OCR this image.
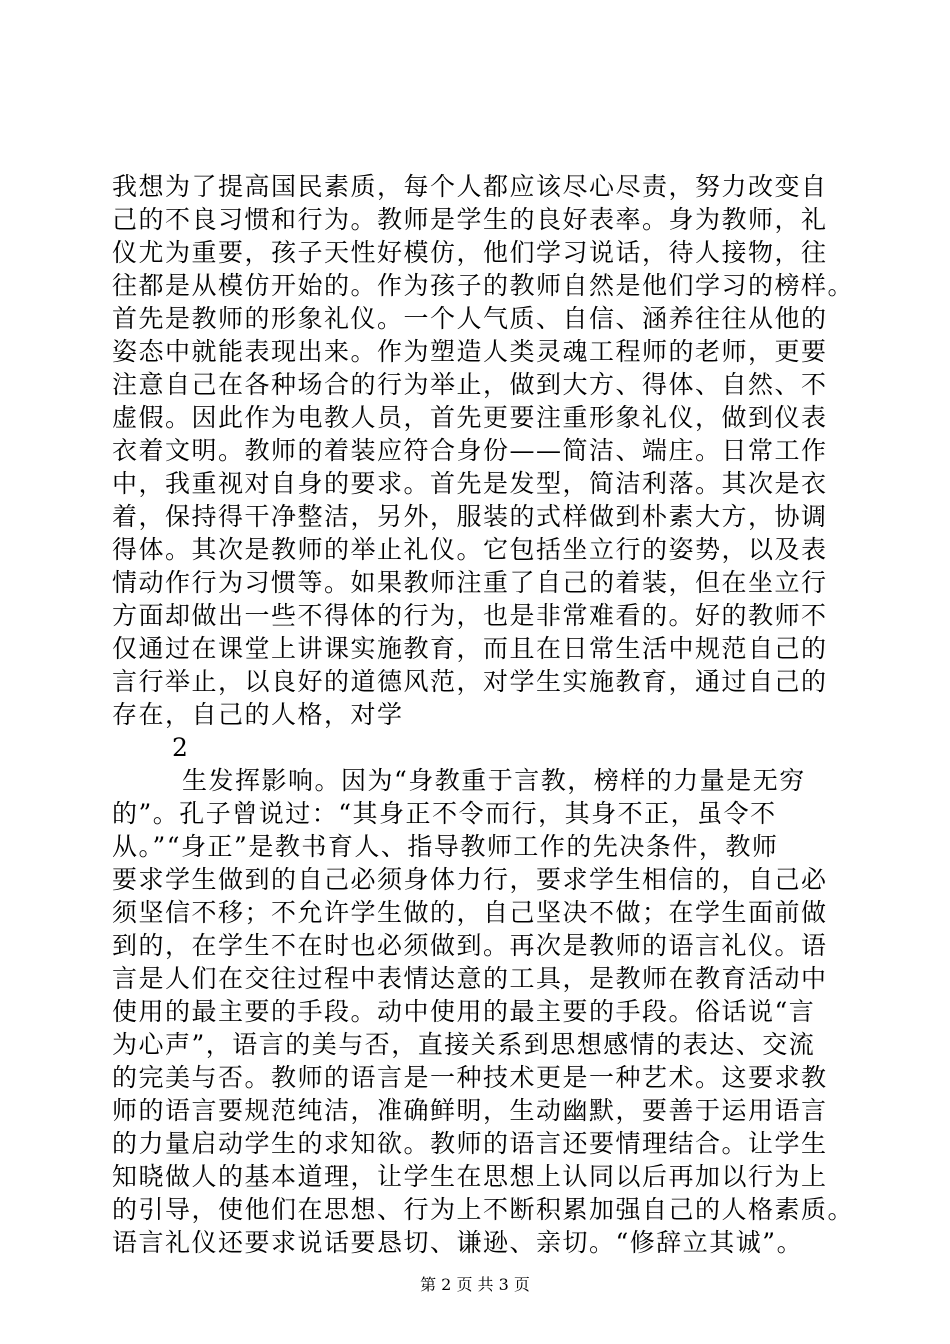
我想为了提高国民素质，每个人都应该尽心尽责，努力改变自
己的不良习惯和行为。教师是学生的良好表率。身为教师，礼
仪尤为重要，孩子天性好模仿，他们学习说话，待人接物，往
往都是从模仿开始的。作为孩子的教师自然是他们学习的榜样。
首先是教师的形象礼仪。一个人气质、自信、涵养往往从他的
姿态中就能表现出来。作为塑造人类灵魂工程师的老师，更要
注意自己在各种场合的行为举止，做到大方、得体、自然、不
虚假。因此作为电教人员，首先更要注重形象礼仪，做到仪表
衣着文明。教师的着装应符合身份——简洁、端庄。日常工作
中，我重视对自身的要求。首先是发型，简洁利落。其次是衣
着，保持得干净整洁，另外，服装的式样做到朴素大方，协调
得体。其次是教师的举止礼仪。它包括坐立行的姿势，以及表
情动作行为习惯等。如果教师注重了自己的着装，但在坐立行
方面却做出一些不得体的行为，也是非常难看的。好的教师不
仅通过在课堂上讲课实施教育，而且在日常生活中规范自己的
言行举止，以良好的道德风范，对学生实施教育，通过自己的
存在，自己的人格，对学
2
生发挥影响。因为“身教重于言教，榜样的力量是无穷
的”。孔子曾说过：“其身正不令而行，其身不正，虽令不
从。”“身正”是教书育人、指导教师工作的先决条件，教师
要求学生做到的自己必须身体力行，要求学生相信的，自己必
须坚信不移；不允许学生做的，自己坚决不做；在学生面前做
到的，在学生不在时也必须做到。再次是教师的语言礼仪。语
言是人们在交往过程中表情达意的工具，是教师在教育活动中
使用的最主要的手段。动中使用的最主要的手段。俗话说“言
为心声”，语言的美与否，直接关系到思想感情的表达、交流
的完美与否。教师的语言是一种技术更是一种艺术。这要求教
师的语言要规范纯洁，准确鲜明，生动幽默，要善于运用语言
的力量启动学生的求知欲。教师的语言还要情理结合。让学生
知晓做人的基本道理，让学生在思想上认同以后再加以行为上
的引导，使他们在思想、行为上不断积累加强自己的人格素质。
语言礼仪还要求说话要恳切、谦逊、亲切。“修辞立其诚”。
第 2 页 共 3 页
